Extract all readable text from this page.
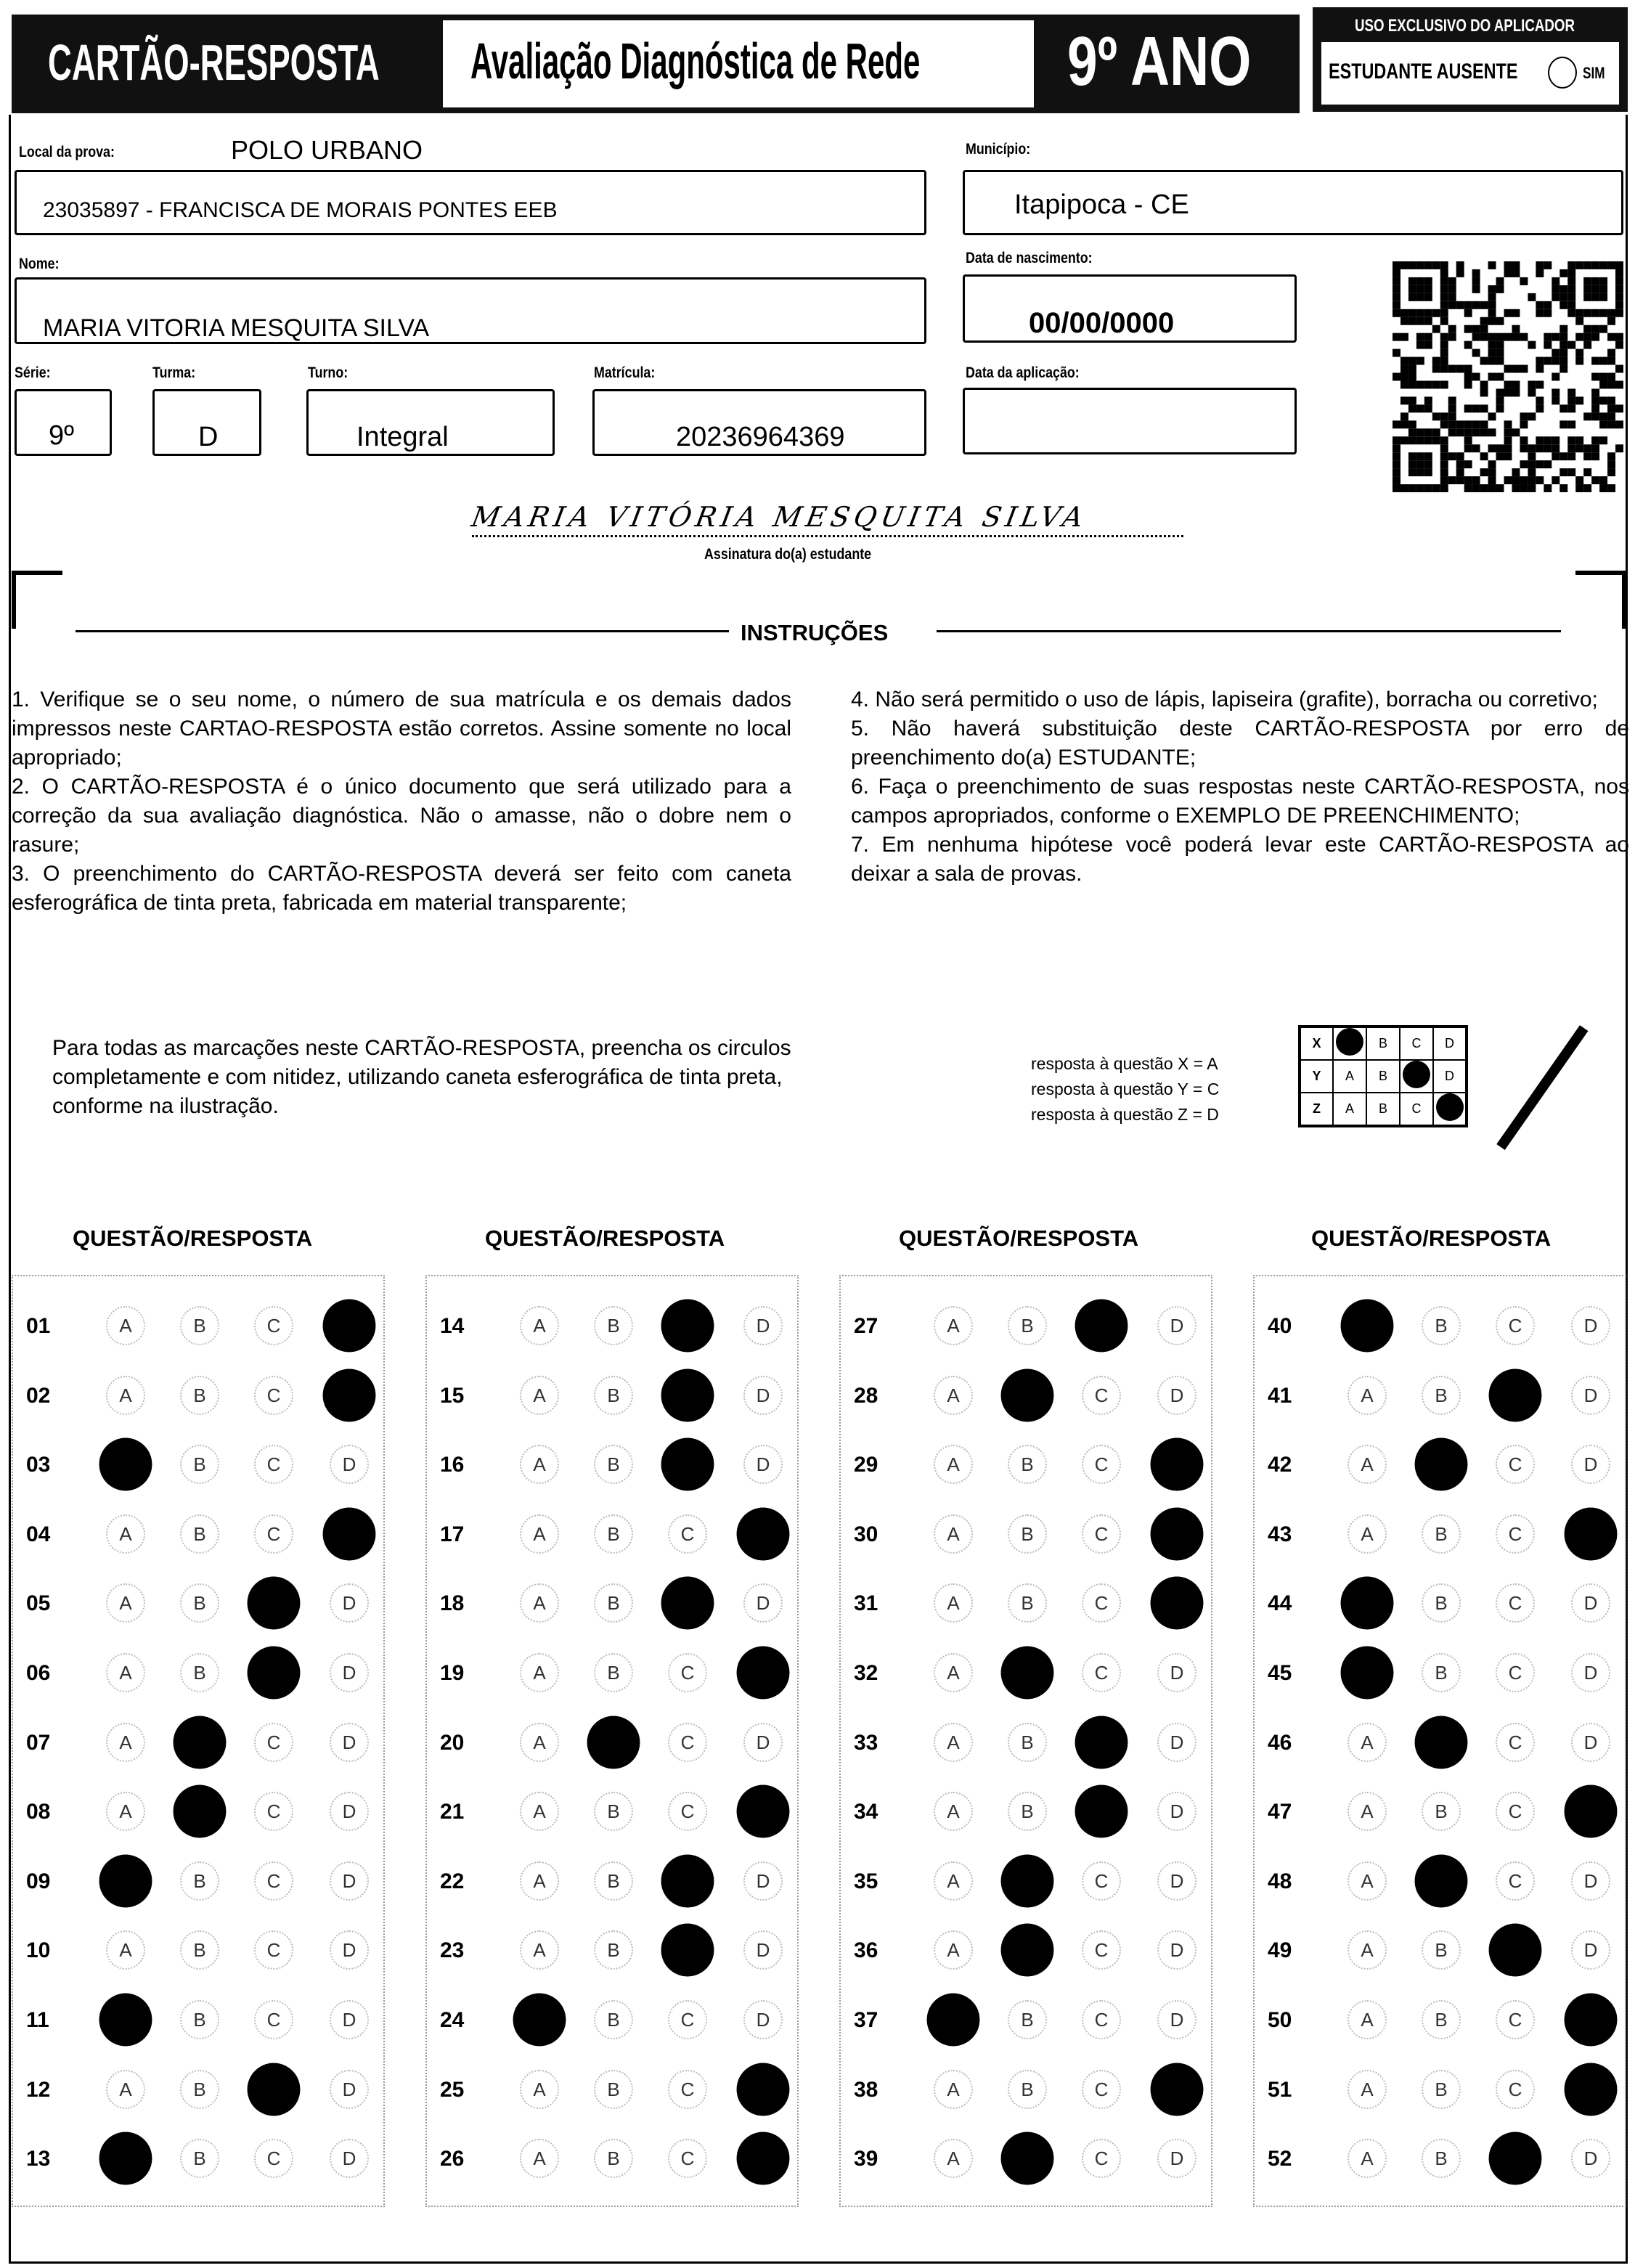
CARTÃO-RESPOSTA	Avaliação Diagnóstica de Rede	9º ANO	USO EXCLUSIVO DO APLICADOR
ESTUDANTE AUSENTE	SIM
Local da prova:	POLO URBANO
23035897 - FRANCISCA DE MORAIS PONTES EEB
Município:
Itapipoca - CE
Nome:
MARIA VITORIA MESQUITA SILVA
Data de nascimento:
00/00/0000
Série:
9º
Turma:
D
Turno:
Integral
Matrícula:
20236964369
Data da aplicação:
MARIA VITÓRIA MESQUITA SILVA
Assinatura do(a) estudante
INSTRUÇÕES

1. Verifique se o seu nome, o número de sua matrícula e os demais dados impressos neste CARTAO-RESPOSTA estão corretos. Assine somente no local apropriado;

2. O CARTÃO-RESPOSTA é o único documento que será utilizado para a correção da sua avaliação diagnóstica. Não o amasse, não o dobre nem o rasure;

3. O preenchimento do CARTÃO-RESPOSTA deverá ser feito com caneta esferográfica de tinta preta, fabricada em material transparente;

4. Não será permitido o uso de lápis, lapiseira (grafite), borracha ou corretivo;

5. Não haverá substituição deste CARTÃO-RESPOSTA por erro de preenchimento do(a) ESTUDANTE;

6. Faça o preenchimento de suas respostas neste CARTÃO-RESPOSTA, nos campos apropriados, conforme o EXEMPLO DE PREENCHIMENTO;

7. Em nenhuma hipótese você poderá levar este CARTÃO-RESPOSTA ao deixar a sala de provas.

Para todas as marcações neste CARTÃO-RESPOSTA, preencha os circulos completamente e com nitidez, utilizando caneta esferográfica de tinta preta, conforme na ilustração.
resposta à questão X = A
resposta à questão Y = C
resposta à questão Z = D
X		B	C	D
Y	A	B		D
Z	A	B	C	
QUESTÃO/RESPOSTA	QUESTÃO/RESPOSTA	QUESTÃO/RESPOSTA	QUESTÃO/RESPOSTA
01	A	B	C	D
02	A	B	C	D
03	A	B	C	D
04	A	B	C	D
05	A	B	C	D
06	A	B	C	D
07	A	B	C	D
08	A	B	C	D
09	A	B	C	D
10	A	B	C	D
11	A	B	C	D
12	A	B	C	D
13	A	B	C	D
14	A	B	C	D
15	A	B	C	D
16	A	B	C	D
17	A	B	C	D
18	A	B	C	D
19	A	B	C	D
20	A	B	C	D
21	A	B	C	D
22	A	B	C	D
23	A	B	C	D
24	A	B	C	D
25	A	B	C	D
26	A	B	C	D
27	A	B	C	D
28	A	B	C	D
29	A	B	C	D
30	A	B	C	D
31	A	B	C	D
32	A	B	C	D
33	A	B	C	D
34	A	B	C	D
35	A	B	C	D
36	A	B	C	D
37	A	B	C	D
38	A	B	C	D
39	A	B	C	D
40	A	B	C	D
41	A	B	C	D
42	A	B	C	D
43	A	B	C	D
44	A	B	C	D
45	A	B	C	D
46	A	B	C	D
47	A	B	C	D
48	A	B	C	D
49	A	B	C	D
50	A	B	C	D
51	A	B	C	D
52	A	B	C	D
